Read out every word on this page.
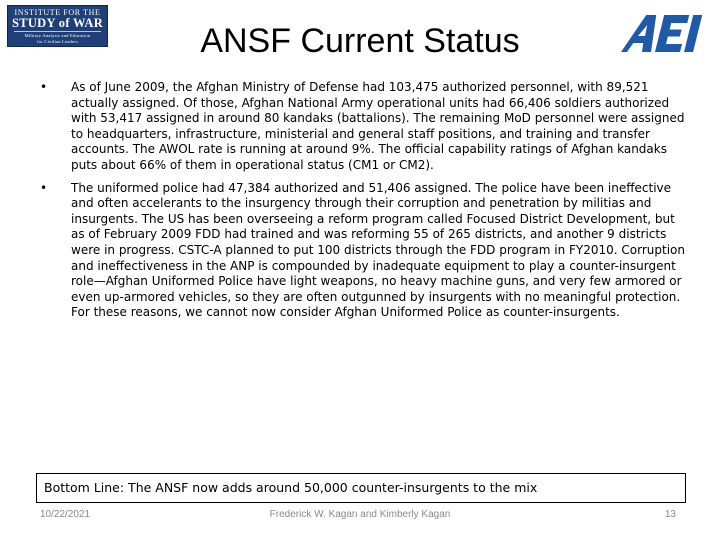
INSTITUTE FOR THE
STUDY of WAR
Military Analysis and Education
for Civilian Leaders	ANSF Current Status
• As of June 2009, the Afghan Ministry of Defense had 103,475 authorized personnel, with 89,521 actually assigned. Of those, Afghan National Army operational units had 66,406 soldiers authorized with 53,417 assigned in around 80 kandaks (battalions). The remaining MoD personnel were assigned to headquarters, infrastructure, ministerial and general staff positions, and training and transfer accounts. The AWOL rate is running at around 9%. The official capability ratings of Afghan kandaks puts about 66% of them in operational status (CM1 or CM2).
• The uniformed police had 47,384 authorized and 51,406 assigned. The police have been ineffective and often accelerants to the insurgency through their corruption and penetration by militias and insurgents. The US has been overseeing a reform program called Focused District Development, but as of February 2009 FDD had trained and was reforming 55 of 265 districts, and another 9 districts were in progress. CSTC-A planned to put 100 districts through the FDD program in FY2010. Corruption and ineffectiveness in the ANP is compounded by inadequate equipment to play a counter-insurgent role—Afghan Uniformed Police have light weapons, no heavy machine guns, and very few armored or even up-armored vehicles, so they are often outgunned by insurgents with no meaningful protection. For these reasons, we cannot now consider Afghan Uniformed Police as counter-insurgents.
Bottom Line: The ANSF now adds around 50,000 counter-insurgents to the mix
10/22/2021	Frederick W. Kagan and Kimberly Kagan	13
